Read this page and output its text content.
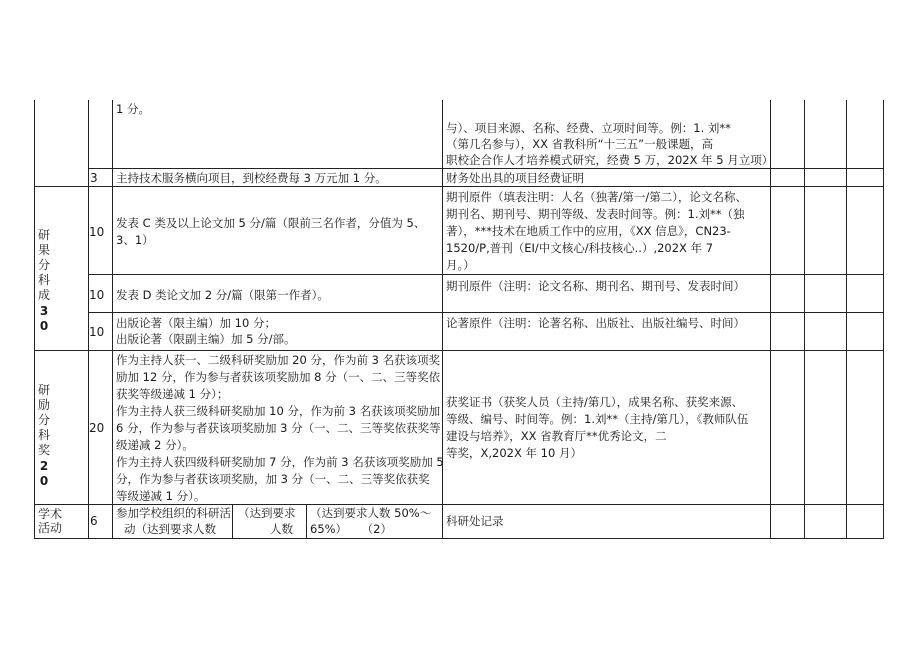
1 分。
与）、项目来源、名称、经费、立项时间等。例：1. 刘**
（第几名参与），XX 省教科所“十三五”一般课题，高
职校企合作人才培养模式研究，经费 5 万，202X 年 5 月立项）
3 主持技术服务横向项目，到校经费每 3 万元加 1 分。	财务处出具的项目经费证明
研 果 分 科 成
30
10
发表 C 类及以上论文加 5 分/篇（限前三名作者，分值为 5、
3、1）
期刊原件（填表注明：人名（独著/第一/第二），论文名称、
期刊名、期刊号、期刊等级、发表时间等。例：1.刘**（独
著），***技术在地质工作中的应用，《XX 信息》，CN23-
1520/P,普刊（EI/中文核心/科技核心..）,202X 年 7
月。）
10 发表 D 类论文加 2 分/篇（限第一作者）。
期刊原件（注明：论文名称、期刊名、期刊号、发表时间）
10
出版论著（限主编）加 10 分；
出版论著（限副主编）加 5 分/部。
论著原件（注明：论著名称、出版社、出版社编号、时间）
研 励 分 科 奖
20
20
作为主持人获一、二级科研奖励加 20 分，作为前 3 名获该项奖
励加 12 分，作为参与者获该项奖励加 8 分（一、二、三等奖依
获奖等级递减 1 分）；
作为主持人获三级科研奖励加 10 分，作为前 3 名获该项奖励加
6 分，作为参与者获该项奖励加 3 分（一、二、三等奖依获奖等
级递减 2 分）。
作为主持人获四级科研奖励加 7 分，作为前 3 名获该项奖励加 5
分，作为参与者获该项奖励，加 3 分（一、二、三等奖依获奖
等级递减 1 分）。
获奖证书（获奖人员（主持/第几），成果名称、获奖来源、
等级、编号、时间等。例：1.刘**（主持/第几），《教师队伍
建设与培养》，XX 省教育厅**优秀论文，二
等奖，X,202X 年 10 月）
学术
活动 6
参加学校组织的科研活
动（达到要求人数
（达到要求
人数
（达到要求人数 50%～
65%）    （2）
科研处记录
